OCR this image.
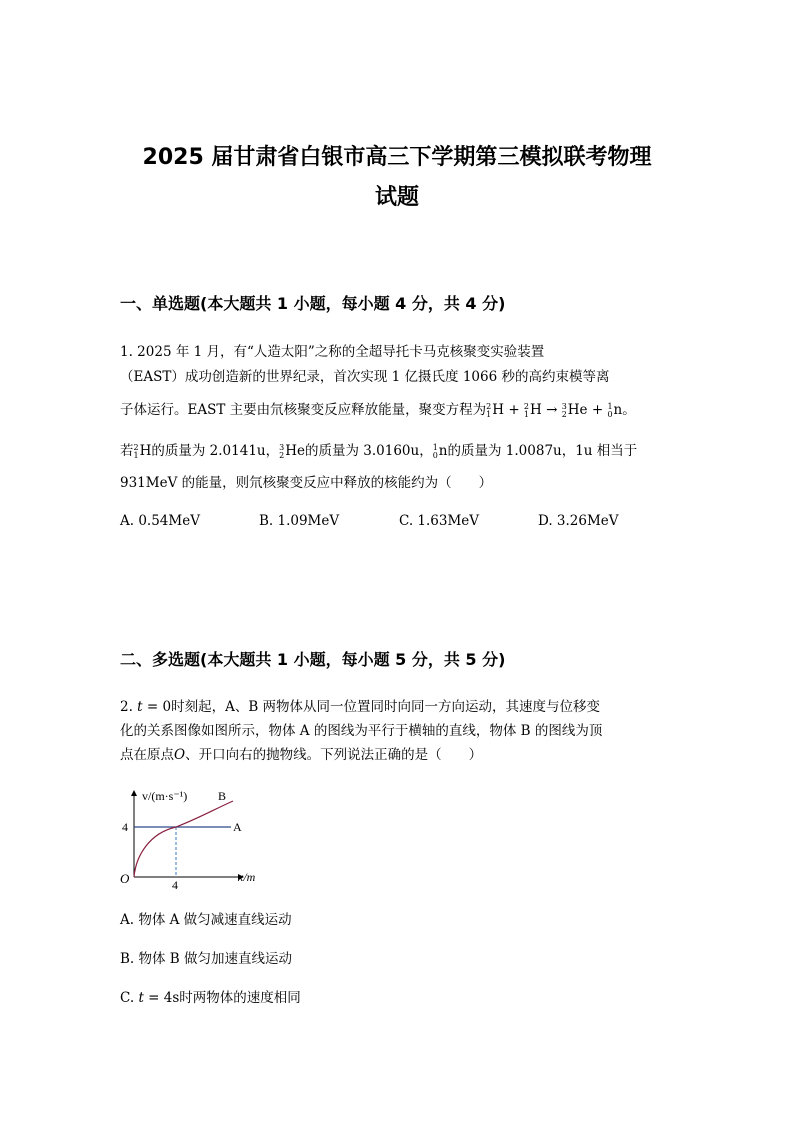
2025 届甘肃省白银市高三下学期第三模拟联考物理
试题
一、单选题(本大题共 1 小题，每小题 4 分，共 4 分)
1. 2025 年 1 月，有“人造太阳”之称的全超导托卡马克核聚变实验装置
（EAST）成功创造新的世界纪录，首次实现 1 亿摄氏度 1066 秒的高约束模等离
子体运行。EAST 主要由氘核聚变反应释放能量，聚变方程为 2
1 H + 2
1 H → 3
2 He + 1
0 n。
若 2
1 H的质量为 2.0141u， 3
2 He的质量为 3.0160u， 1
0 n的质量为 1.0087u，1u 相当于
931MeV 的能量，则氘核聚变反应中释放的核能约为（　　）
A. 0.54MeV	B. 1.09MeV	C. 1.63MeV	D. 3.26MeV
二、多选题(本大题共 1 小题，每小题 5 分，共 5 分)
2. t = 0时刻起，A、B 两物体从同一位置同时向同一方向运动，其速度与位移变
化的关系图像如图所示，物体 A 的图线为平行于横轴的直线，物体 B 的图线为顶
点在原点O、开口向右的抛物线。下列说法正确的是（　　）
v/(m·s⁻¹)	B
A
4
O	4
x/m
A. 物体 A 做匀减速直线运动
B. 物体 B 做匀加速直线运动
C. t = 4s时两物体的速度相同
